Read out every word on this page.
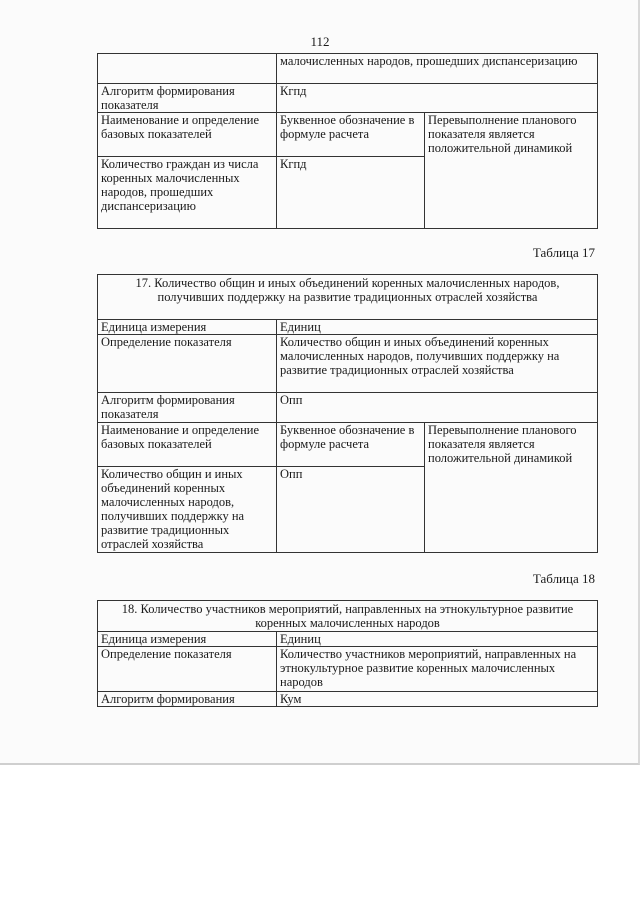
112
	малочисленных народов, прошедших диспансеризацию	
Алгоритм формирования показателя	Кгпд	
Наименование и определение базовых показателей	Буквенное обозначение в формуле расчета	Перевыполнение планового показателя является положительной динамикой
Количество граждан из числа коренных малочисленных народов, прошедших диспансеризацию	Кгпд	
Таблица 17
17. Количество общин и иных объединений коренных малочисленных народов, получивших поддержку на развитие традиционных отраслей хозяйства		
Единица измерения	Единиц	
Определение показателя	Количество общин и иных объединений коренных малочисленных народов, получивших поддержку на развитие традиционных отраслей хозяйства	
Алгоритм формирования показателя	Опп	
Наименование и определение базовых показателей	Буквенное обозначение в формуле расчета	Перевыполнение планового показателя является положительной динамикой
Количество общин и иных объединений коренных малочисленных народов, получивших поддержку на развитие традиционных отраслей хозяйства	Опп	
Таблица 18
18. Количество участников мероприятий, направленных на этнокультурное развитие коренных малочисленных народов	
Единица измерения	Единиц
Определение показателя	Количество участников мероприятий, направленных на этнокультурное развитие коренных малочисленных народов
Алгоритм формирования	Кум
